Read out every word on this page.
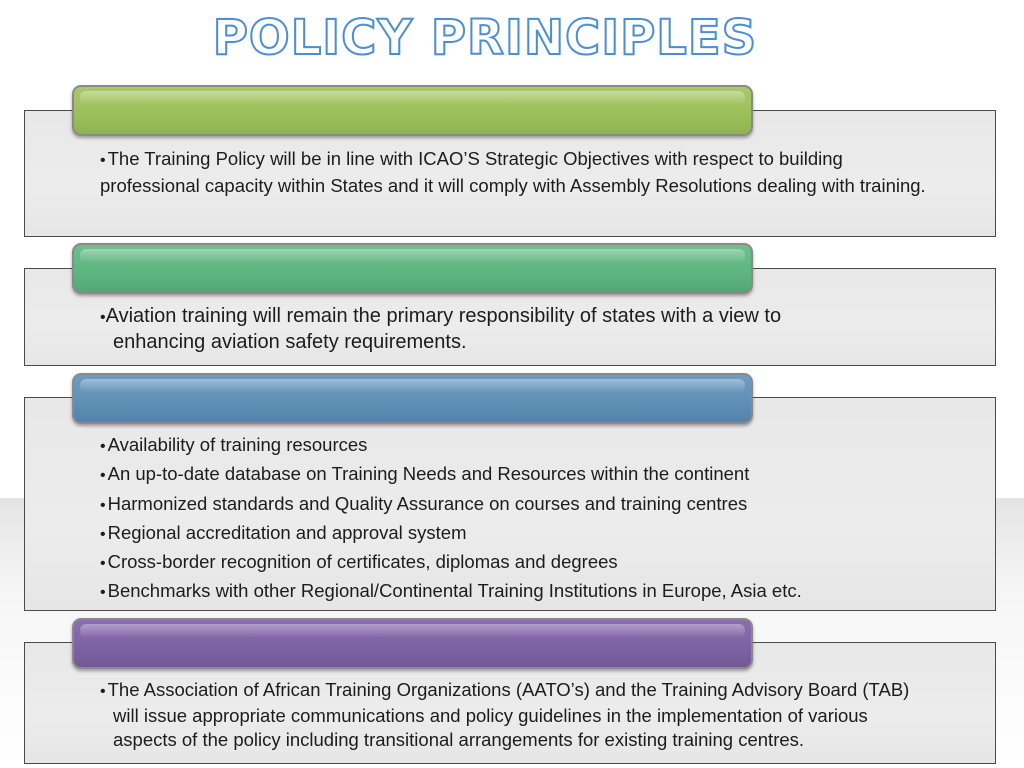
POLICY PRINCIPLES

• The Training Policy will be in line with ICAO’S Strategic Objectives with respect to building professional capacity within States and it will comply with Assembly Resolutions dealing with training.

•Aviation training will remain the primary responsibility of states with a view to enhancing aviation safety requirements.

• Availability of training resources
• An up-to-date database on Training Needs and Resources within the continent
• Harmonized standards and Quality Assurance on courses and training centres
• Regional accreditation and approval system
• Cross-border recognition of certificates, diplomas and degrees
• Benchmarks with other Regional/Continental Training Institutions in Europe, Asia etc.

• The Association of African Training Organizations (AATO’s) and the Training Advisory Board (TAB) will issue appropriate communications and policy guidelines in the implementation of various aspects of the policy including transitional arrangements for existing training centres.
